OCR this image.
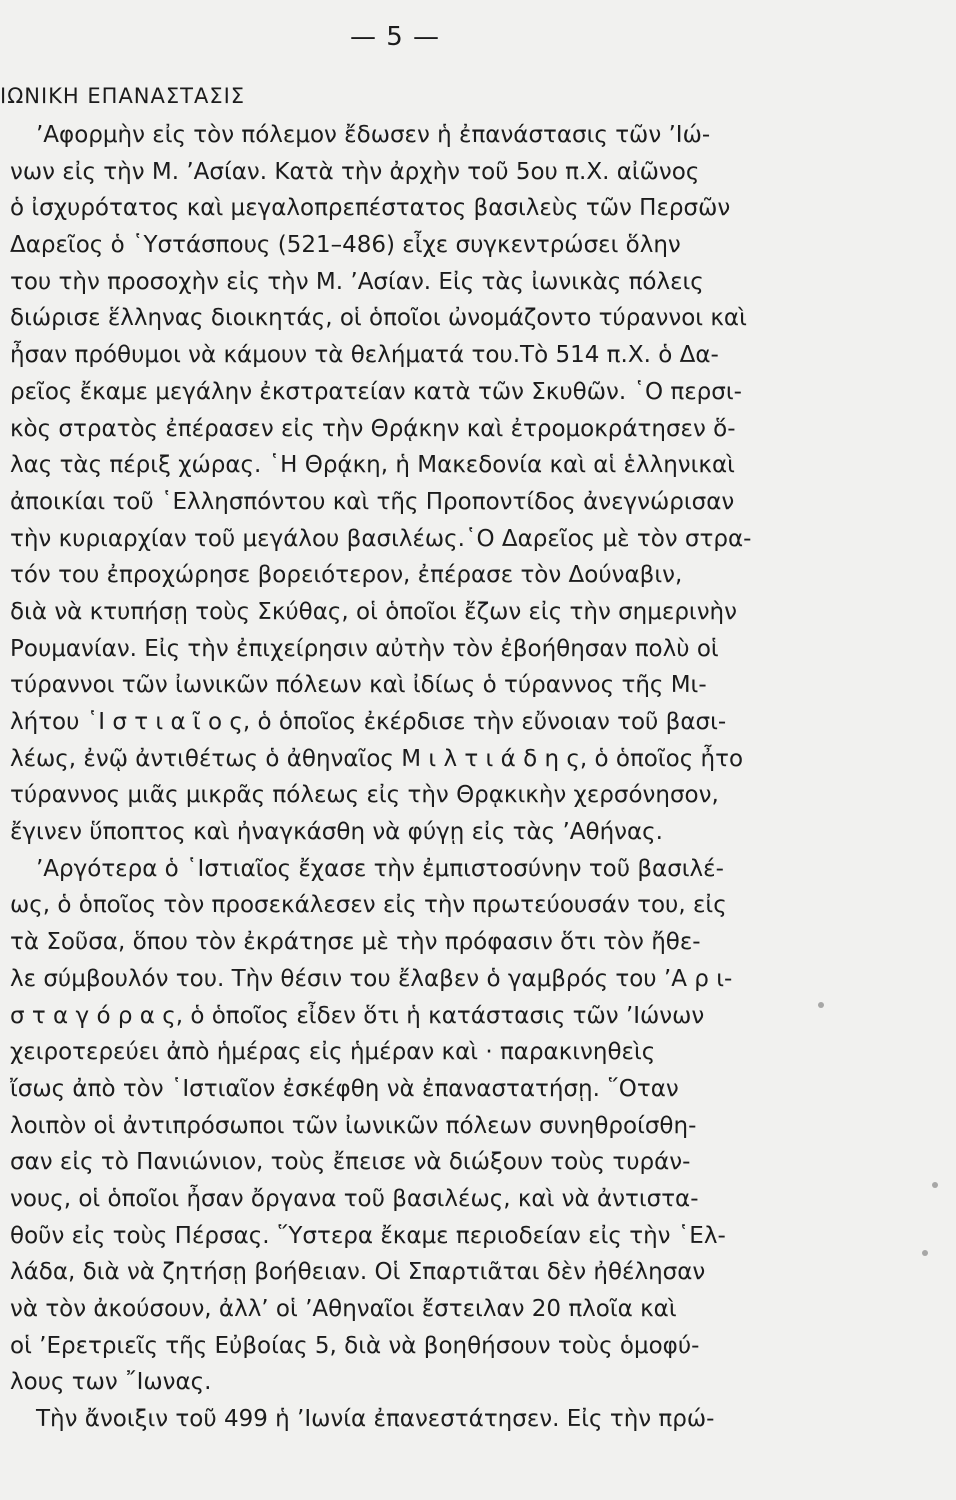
— 5 —
ΙΩΝΙΚΗ ΕΠΑΝΑΣΤΑΣΙΣ
’Αφορμὴν εἰς τὸν πόλεμον ἔδωσεν ἡ ἐπανάστασις τῶν ’Ιώ-
νων εἰς τὴν Μ. ’Ασίαν. Κατὰ τὴν ἀρχὴν τοῦ 5ου π.Χ. αἰῶνος
ὁ ἰσχυρότατος καὶ μεγαλοπρεπέστατος βασιλεὺς τῶν Περσῶν
Δαρεῖος ὁ ῾Υστάσπους (521–486) εἶχε συγκεντρώσει ὅλην
του τὴν προσοχὴν εἰς τὴν Μ. ’Ασίαν. Εἰς τὰς ἰωνικὰς πόλεις
διώρισε ἕλληνας διοικητάς, οἱ ὁποῖοι ὠνομάζοντο τύραννοι καὶ
ἦσαν πρόθυμοι νὰ κάμουν τὰ θελήματά του.Τὸ 514 π.Χ. ὁ Δα-
ρεῖος ἔκαμε μεγάλην ἐκστρατείαν κατὰ τῶν Σκυθῶν. ῾Ο περσι-
κὸς στρατὸς ἐπέρασεν εἰς τὴν Θρᾴκην καὶ ἐτρομοκράτησεν ὅ-
λας τὰς πέριξ χώρας. ῾Η Θρᾴκη, ἡ Μακεδονία καὶ αἱ ἑλληνικαὶ
ἀποικίαι τοῦ ῾Ελλησπόντου καὶ τῆς Προποντίδος ἀνεγνώρισαν
τὴν κυριαρχίαν τοῦ μεγάλου βασιλέως.῾Ο Δαρεῖος μὲ τὸν στρα-
τόν του ἐπροχώρησε βορειότερον, ἐπέρασε τὸν Δούναβιν,
διὰ νὰ κτυπήσῃ τοὺς Σκύθας, οἱ ὁποῖοι ἔζων εἰς τὴν σημερινὴν
Ρουμανίαν. Εἰς τὴν ἐπιχείρησιν αὐτὴν τὸν ἐβοήθησαν πολὺ οἱ
τύραννοι τῶν ἰωνικῶν πόλεων καὶ ἰδίως ὁ τύραννος τῆς Μι-
λήτου ῾Ι σ τ ι α ῖ ο ς, ὁ ὁποῖος ἐκέρδισε τὴν εὔνοιαν τοῦ βασι-
λέως, ἐνῷ ἀντιθέτως ὁ ἀθηναῖος Μ ι λ τ ι ά δ η ς, ὁ ὁποῖος ἦτο
τύραννος μιᾶς μικρᾶς πόλεως εἰς τὴν Θρᾳκικὴν χερσόνησον,
ἔγινεν ὕποπτος καὶ ἠναγκάσθη νὰ φύγῃ εἰς τὰς ’Αθήνας.
’Αργότερα ὁ ῾Ιστιαῖος ἔχασε τὴν ἐμπιστοσύνην τοῦ βασιλέ-
ως, ὁ ὁποῖος τὸν προσεκάλεσεν εἰς τὴν πρωτεύουσάν του, εἰς
τὰ Σοῦσα, ὅπου τὸν ἐκράτησε μὲ τὴν πρόφασιν ὅτι τὸν ἤθε-
λε σύμβουλόν του. Τὴν θέσιν του ἔλαβεν ὁ γαμβρός του ’Α ρ ι-
σ τ α γ ό ρ α ς, ὁ ὁποῖος εἶδεν ὅτι ἡ κατάστασις τῶν ’Ιώνων
χειροτερεύει ἀπὸ ἡμέρας εἰς ἡμέραν καὶ · παρακινηθεὶς
ἴσως ἀπὸ τὸν ῾Ιστιαῖον ἐσκέφθη νὰ ἐπαναστατήσῃ. ῞Οταν
λοιπὸν οἱ ἀντιπρόσωποι τῶν ἰωνικῶν πόλεων συνηθροίσθη-
σαν εἰς τὸ Πανιώνιον, τοὺς ἔπεισε νὰ διώξουν τοὺς τυράν-
νους, οἱ ὁποῖοι ἦσαν ὄργανα τοῦ βασιλέως, καὶ νὰ ἀντιστα-
θοῦν εἰς τοὺς Πέρσας. ῞Υστερα ἔκαμε περιοδείαν εἰς τὴν ῾Ελ-
λάδα, διὰ νὰ ζητήσῃ βοήθειαν. Οἱ Σπαρτιᾶται δὲν ἠθέλησαν
νὰ τὸν ἀκούσουν, ἀλλ’ οἱ ’Αθηναῖοι ἔστειλαν 20 πλοῖα καὶ
οἱ ’Ερετριεῖς τῆς Εὐβοίας 5, διὰ νὰ βοηθήσουν τοὺς ὁμοφύ-
λους των ῎Ιωνας.
Τὴν ἄνοιξιν τοῦ 499 ἡ ’Ιωνία ἐπανεστάτησεν. Εἰς τὴν πρώ-
